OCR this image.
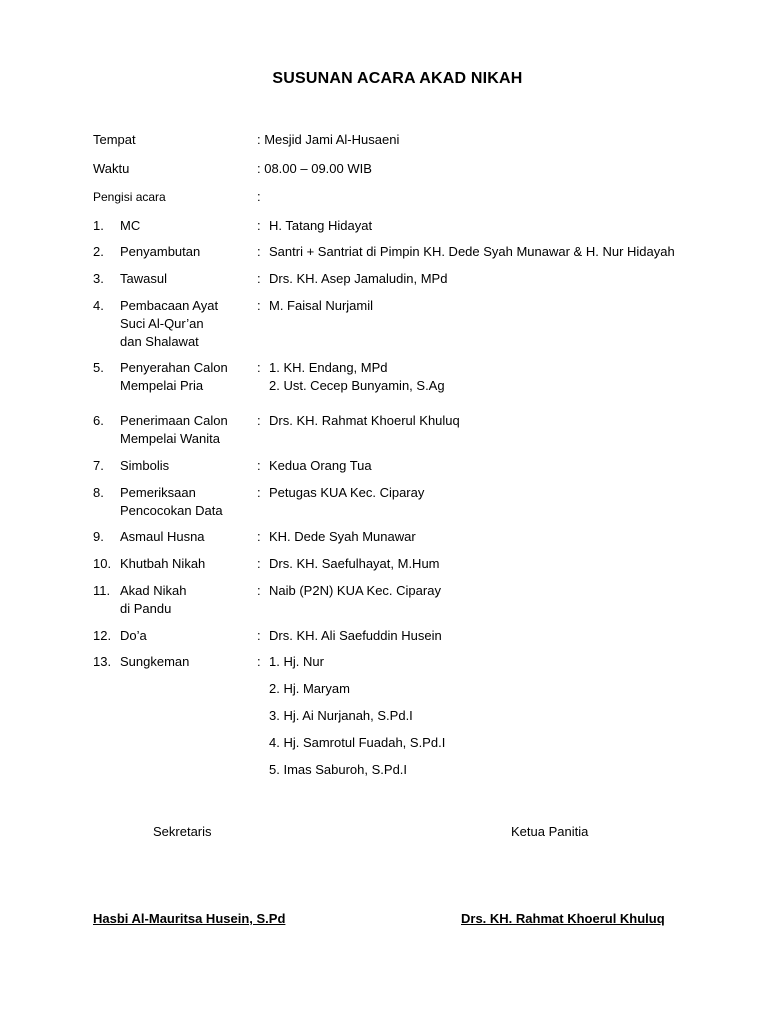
SUSUNAN ACARA AKAD NIKAH
Tempat	: Mesjid Jami Al-Husaeni
Waktu	: 08.00 – 09.00 WIB
Pengisi acara	:
1. MC	: H. Tatang Hidayat
2. Penyambutan	: Santri + Santriat di Pimpin KH. Dede Syah Munawar & H. Nur Hidayah
3. Tawasul	: Drs. KH. Asep Jamaludin, MPd
4. Pembacaan Ayat
Suci Al-Qur’an
dan Shalawat
: M. Faisal Nurjamil
5. Penyerahan Calon
Mempelai Pria
: 1. KH. Endang, MPd
2. Ust. Cecep Bunyamin, S.Ag
6. Penerimaan Calon
Mempelai Wanita
: Drs. KH. Rahmat Khoerul Khuluq
7. Simbolis	: Kedua Orang Tua
8. Pemeriksaan
Pencocokan Data
: Petugas KUA Kec. Ciparay
9. Asmaul Husna	: KH. Dede Syah Munawar
10. Khutbah Nikah	: Drs. KH. Saefulhayat, M.Hum
11. Akad Nikah
di Pandu
: Naib (P2N) KUA Kec. Ciparay
12. Do’a	: Drs. KH. Ali Saefuddin Husein
13. Sungkeman	: 1. Hj. Nur
2. Hj. Maryam
3. Hj. Ai Nurjanah, S.Pd.I
4. Hj. Samrotul Fuadah, S.Pd.I
5. Imas Saburoh, S.Pd.I
Sekretaris	Ketua Panitia
Hasbi Al-Mauritsa Husein, S.Pd	Drs. KH. Rahmat Khoerul Khuluq
